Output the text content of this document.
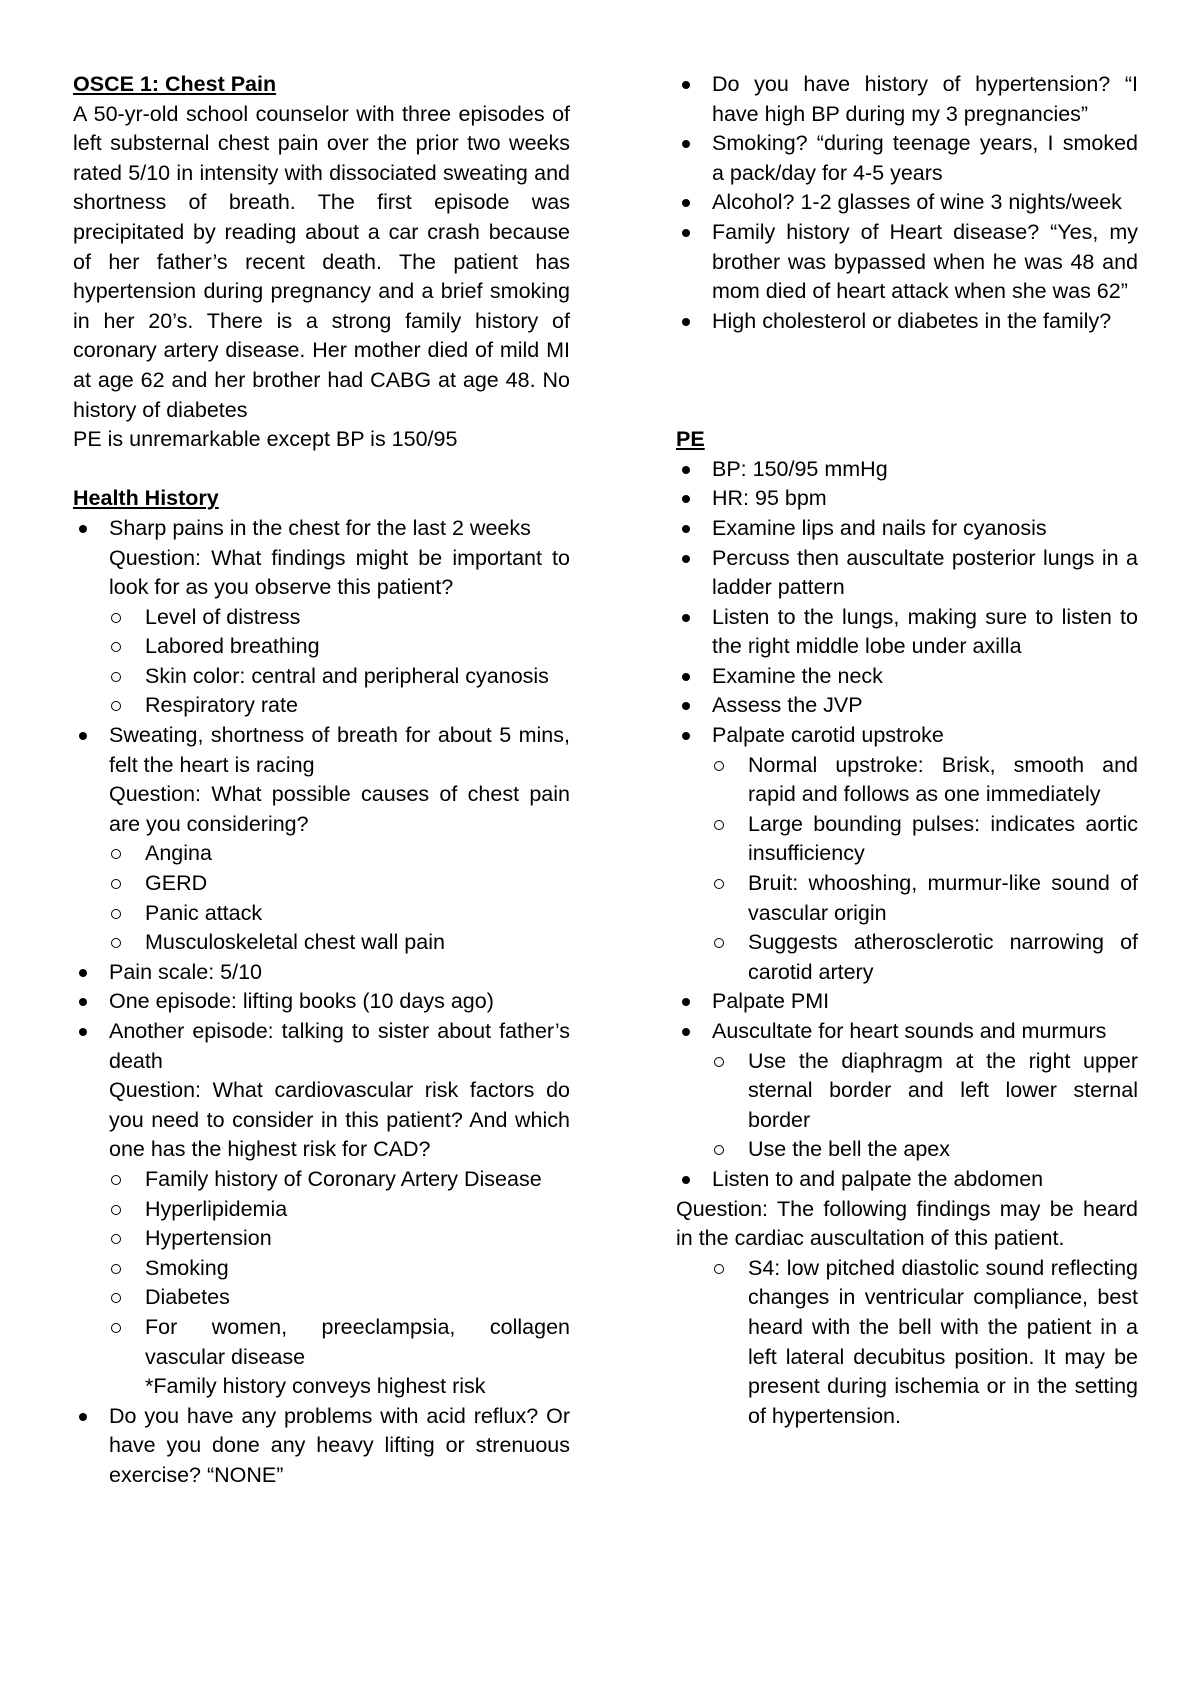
OSCE 1: Chest Pain
A 50-yr-old school counselor with three episodes of left substernal chest pain over the prior two weeks rated 5/10 in intensity with dissociated sweating and shortness of breath. The first episode was precipitated by reading about a car crash because of her father’s recent death. The patient has hypertension during pregnancy and a brief smoking in her 20’s. There is a strong family history of coronary artery disease. Her mother died of mild MI at age 62 and her brother had CABG at age 48. No history of diabetes
PE is unremarkable except BP is 150/95
Health History
Sharp pains in the chest for the last 2 weeks
Question: What findings might be important to look for as you observe this patient?
Level of distress
Labored breathing
Skin color: central and peripheral cyanosis
Respiratory rate
Sweating, shortness of breath for about 5 mins, felt the heart is racing
Question: What possible causes of chest pain are you considering?
Angina
GERD
Panic attack
Musculoskeletal chest wall pain
Pain scale: 5/10
One episode: lifting books (10 days ago)
Another episode: talking to sister about father’s death
Question: What cardiovascular risk factors do you need to consider in this patient? And which one has the highest risk for CAD?
Family history of Coronary Artery Disease
Hyperlipidemia
Hypertension
Smoking
Diabetes
For women, preeclampsia, collagen vascular disease
*Family history conveys highest risk
Do you have any problems with acid reflux? Or have you done any heavy lifting or strenuous exercise? “NONE”
Do you have history of hypertension? “I have high BP during my 3 pregnancies”
Smoking? “during teenage years, I smoked a pack/day for 4-5 years
Alcohol? 1-2 glasses of wine 3 nights/week
Family history of Heart disease? “Yes, my brother was bypassed when he was 48 and mom died of heart attack when she was 62”
High cholesterol or diabetes in the family?
PE
BP: 150/95 mmHg
HR: 95 bpm
Examine lips and nails for cyanosis
Percuss then auscultate posterior lungs in a ladder pattern
Listen to the lungs, making sure to listen to the right middle lobe under axilla
Examine the neck
Assess the JVP
Palpate carotid upstroke
Normal upstroke: Brisk, smooth and rapid and follows as one immediately
Large bounding pulses: indicates aortic insufficiency
Bruit: whooshing, murmur-like sound of vascular origin
Suggests atherosclerotic narrowing of carotid artery
Palpate PMI
Auscultate for heart sounds and murmurs
Use the diaphragm at the right upper sternal border and left lower sternal border
Use the bell the apex
Listen to and palpate the abdomen
Question: The following findings may be heard in the cardiac auscultation of this patient.
S4: low pitched diastolic sound reflecting changes in ventricular compliance, best heard with the bell with the patient in a left lateral decubitus position. It may be present during ischemia or in the setting of hypertension.
